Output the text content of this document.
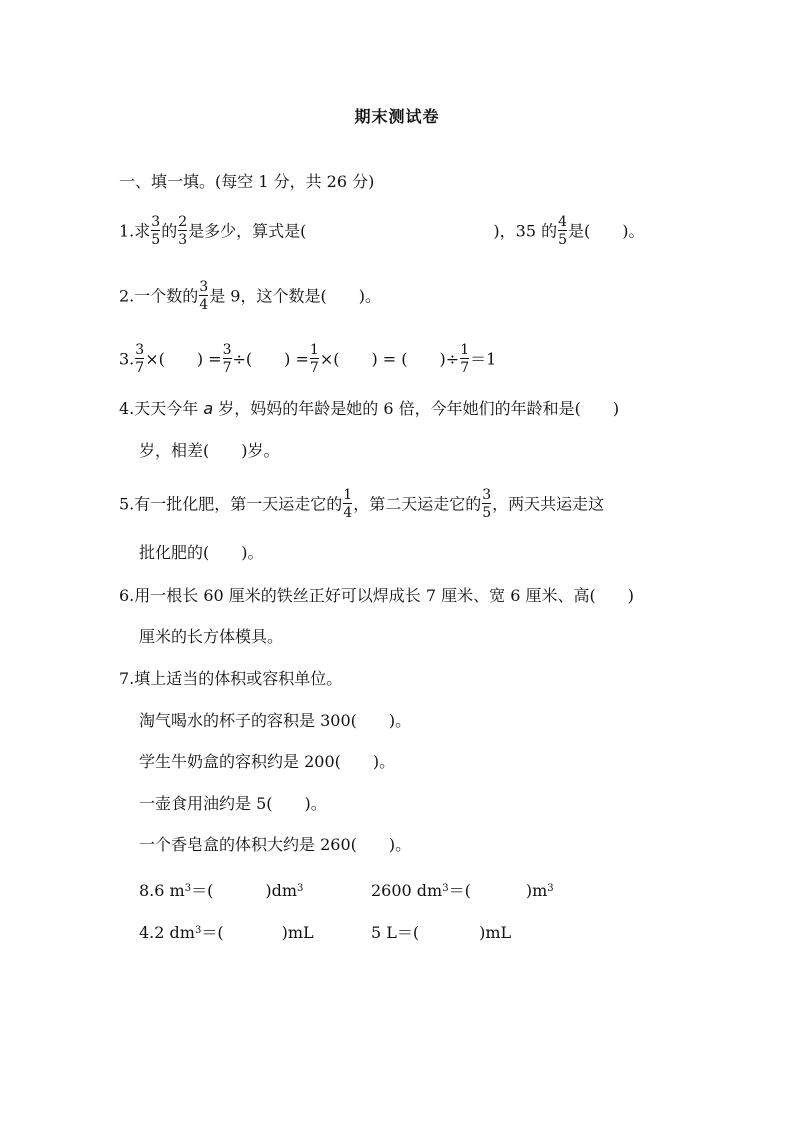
期末测试卷
一、填一填。(每空 1 分，共 26 分)
1.求 $\frac{3}{5}$ 的 $\frac{2}{3}$ 是多少，算式是(	)，35 的 $\frac{4}{5}$ 是(　　)。
2.一个数的 $\frac{3}{4}$ 是 9，这个数是(　　)。
3. $\frac{3}{7}$ ×(　　) = $\frac{3}{7}$ ÷(　　) = $\frac{1}{7}$ ×(　　) = (　　)÷ $\frac{1}{7} =1$
4.天天今年 a 岁，妈妈的年龄是她的 6 倍，今年她们的年龄和是(　　)
岁，相差(　　)岁。
5.有一批化肥，第一天运走它的 $\frac{1}{4}$ ，第二天运走它的 $\frac{3}{5}$ ，两天共运走这
批化肥的(　　)。
6.用一根长 60 厘米的铁丝正好可以焊成长 7 厘米、宽 6 厘米、高(　　)
厘米的长方体模具。
7.填上适当的体积或容积单位。
淘气喝水的杯子的容积是 300(　　)。
学生牛奶盒的容积约是 200(　　)。
一壶食用油约是 5(　　)。
一个香皂盒的体积大约是 260(　　)。
8.6 $m^3=$(	)$dm^3$	2600 $dm^3=$(	)$m^3$
4.2 $dm^3=$(	)mL	5 L＝(	)mL
